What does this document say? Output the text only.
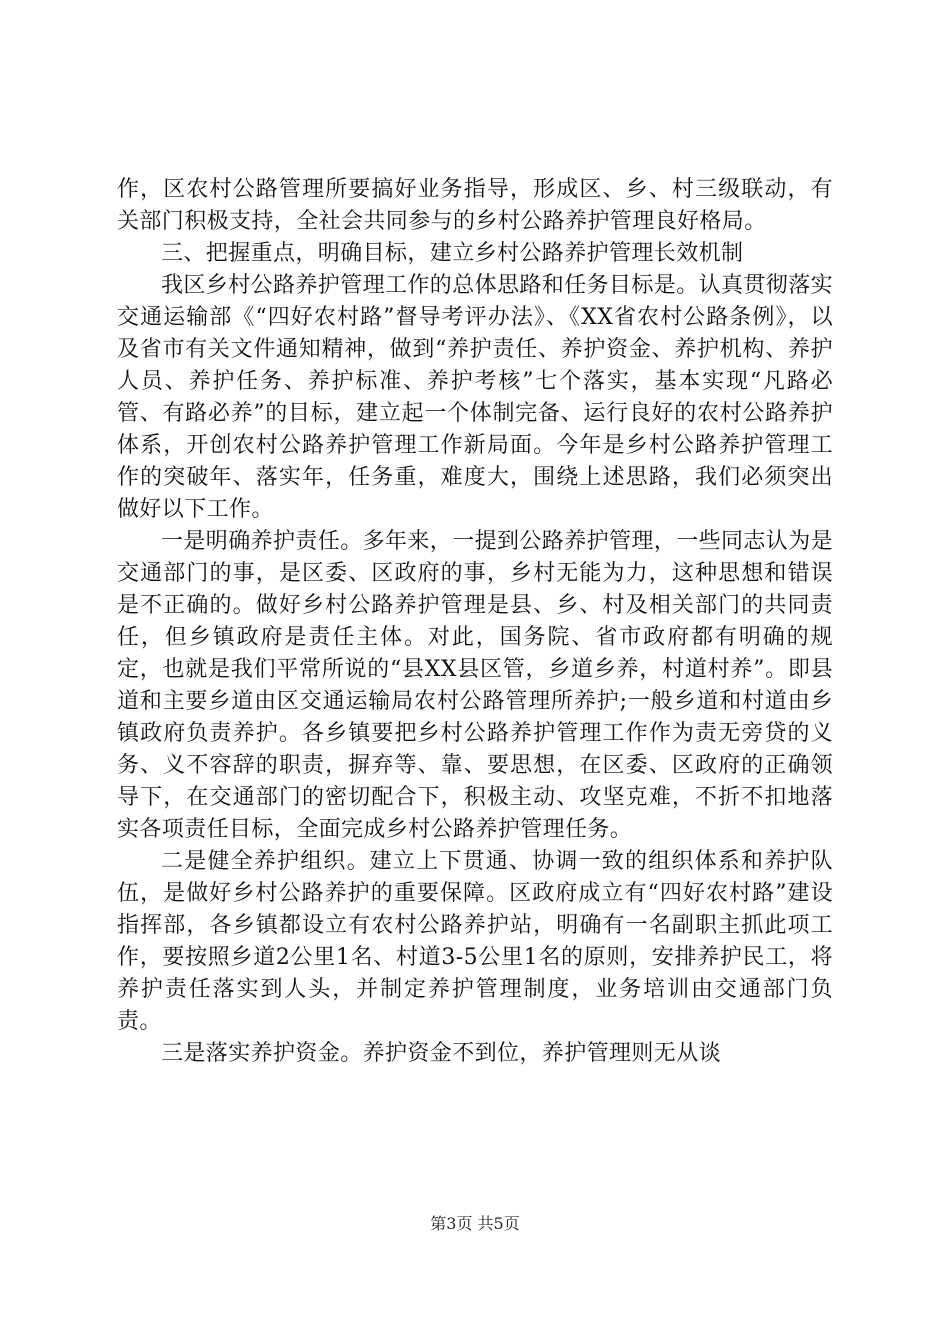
作，区农村公路管理所要搞好业务指导，形成区、乡、村三级联动，有关部门积极支持，全社会共同参与的乡村公路养护管理良好格局。

三、把握重点，明确目标，建立乡村公路养护管理长效机制

我区乡村公路养护管理工作的总体思路和任务目标是。认真贯彻落实交通运输部《“四好农村路”督导考评办法》、《XX省农村公路条例》，以及省市有关文件通知精神，做到“养护责任、养护资金、养护机构、养护人员、养护任务、养护标准、养护考核”七个落实，基本实现“凡路必管、有路必养”的目标，建立起一个体制完备、运行良好的农村公路养护体系，开创农村公路养护管理工作新局面。今年是乡村公路养护管理工作的突破年、落实年，任务重，难度大，围绕上述思路，我们必须突出做好以下工作。

一是明确养护责任。多年来，一提到公路养护管理，一些同志认为是交通部门的事，是区委、区政府的事，乡村无能为力，这种思想和错误是不正确的。做好乡村公路养护管理是县、乡、村及相关部门的共同责任，但乡镇政府是责任主体。对此，国务院、省市政府都有明确的规定，也就是我们平常所说的“县XX县区管，乡道乡养，村道村养”。即县道和主要乡道由区交通运输局农村公路管理所养护;一般乡道和村道由乡镇政府负责养护。各乡镇要把乡村公路养护管理工作作为责无旁贷的义务、义不容辞的职责，摒弃等、靠、要思想，在区委、区政府的正确领导下，在交通部门的密切配合下，积极主动、攻坚克难，不折不扣地落实各项责任目标，全面完成乡村公路养护管理任务。

二是健全养护组织。建立上下贯通、协调一致的组织体系和养护队伍，是做好乡村公路养护的重要保障。区政府成立有“四好农村路”建设指挥部，各乡镇都设立有农村公路养护站，明确有一名副职主抓此项工作，要按照乡道2公里1名、村道3-5公里1名的原则，安排养护民工，将养护责任落实到人头，并制定养护管理制度，业务培训由交通部门负责。

三是落实养护资金。养护资金不到位，养护管理则无从谈

第3页 共5页
